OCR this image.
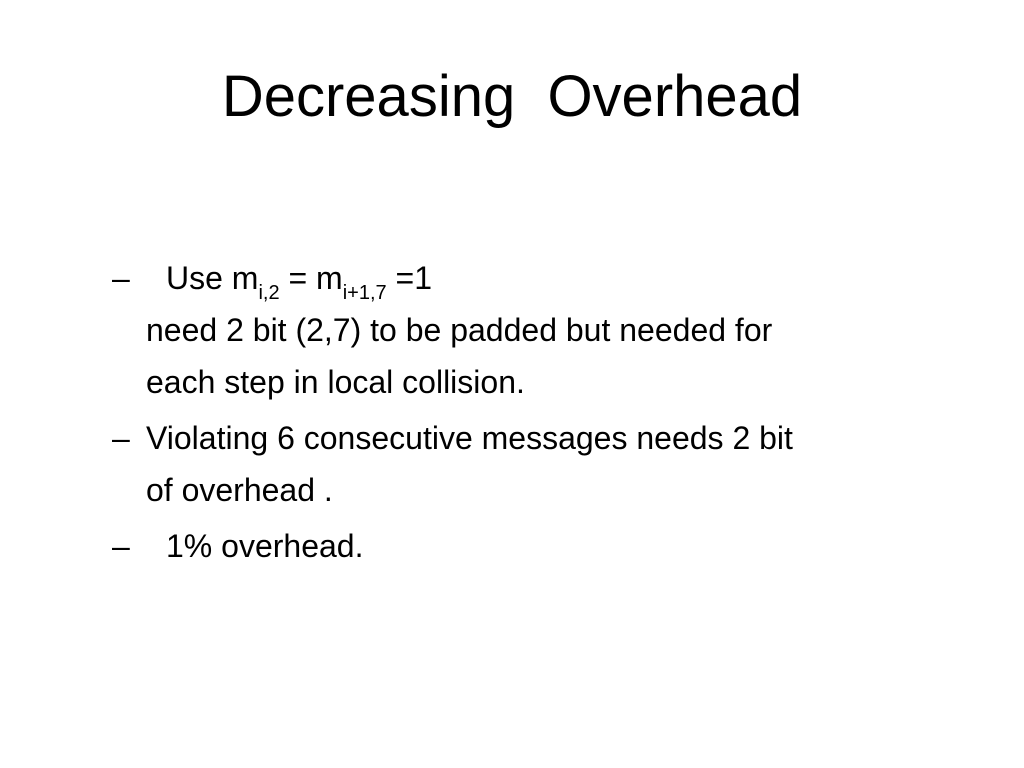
Decreasing  Overhead
– Use $m_{i,2} = m_{i+1,7} =1$
need 2 bit (2,7) to be padded but needed for
each step in local collision.
– Violating 6 consecutive messages needs 2 bit
of overhead .
– 1% overhead.
